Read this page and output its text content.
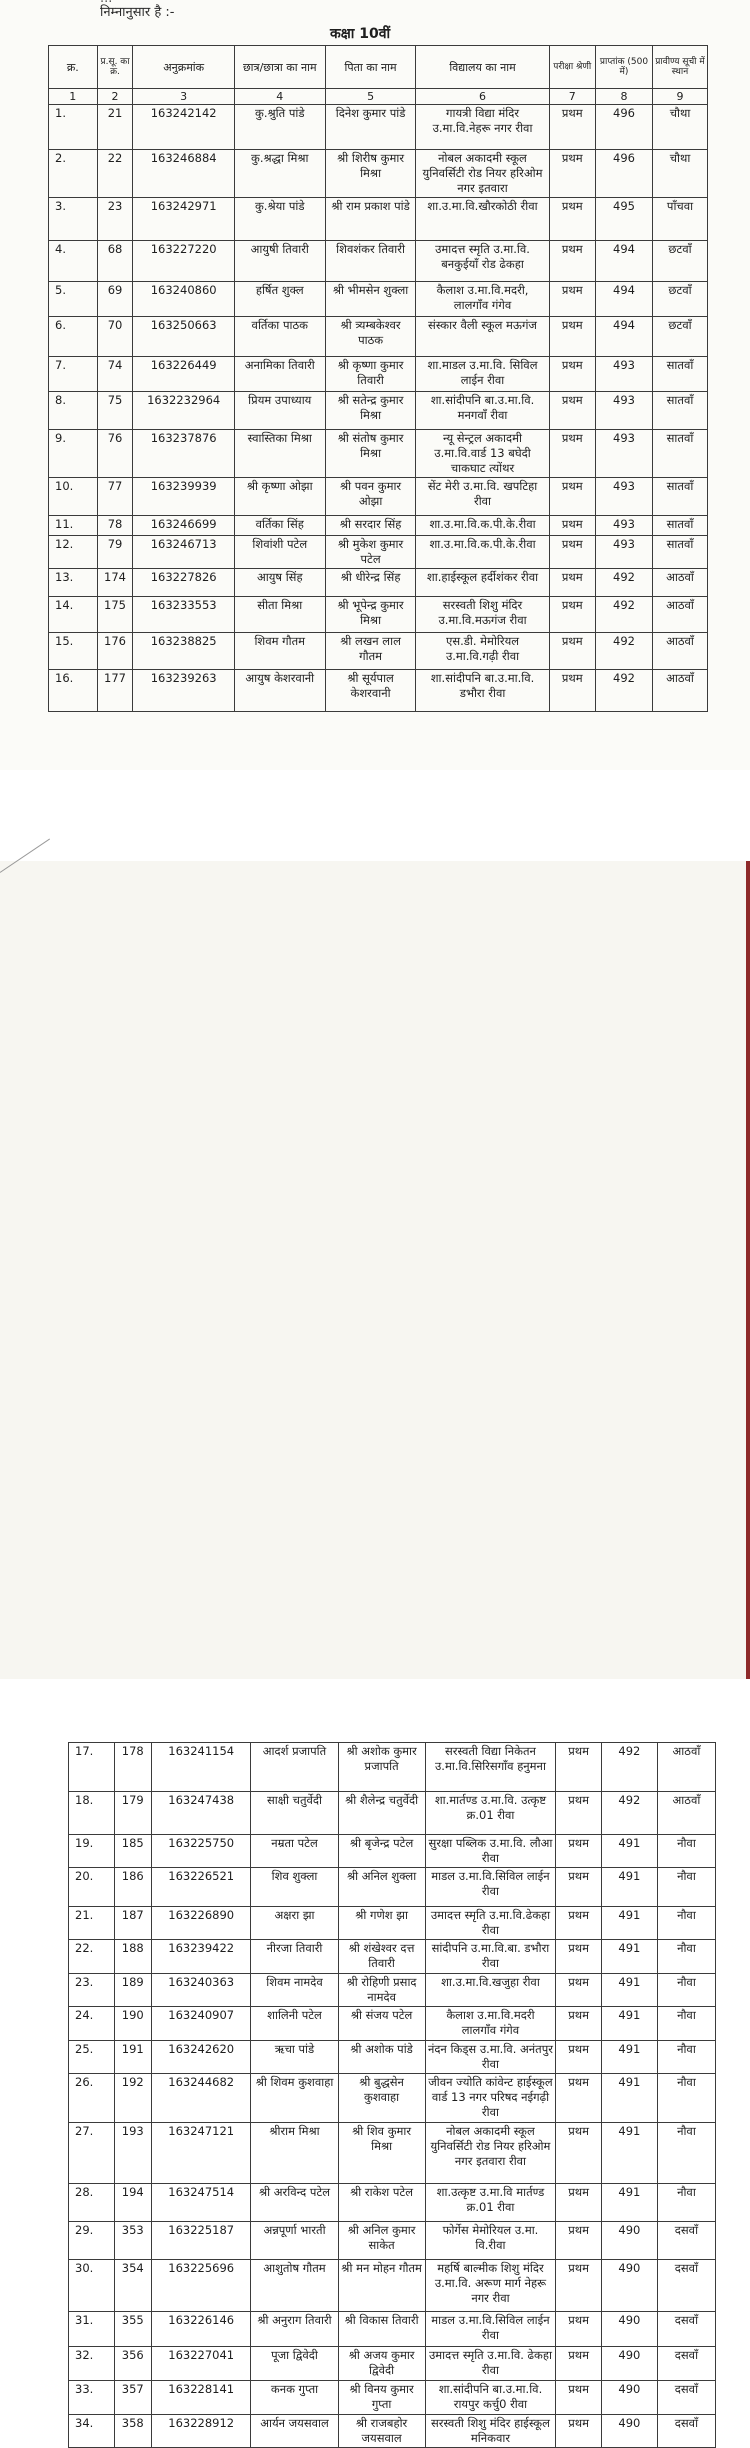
निम्नानुसार है :-
कक्षा 10वीं
क्र.	प्र.सू. का क्र.	अनुक्रमांक	छात्र/छात्रा का नाम	पिता का नाम	विद्यालय का नाम	परीक्षा श्रेणी	प्राप्तांक (500 में)	प्रावीण्य सूची में स्थान
1	2	3	4	5	6	7	8	9
1.	21	163242142	कु.श्रुति पांडे	दिनेश कुमार पांडे	गायत्री विद्या मंदिर उ.मा.वि.नेहरू नगर रीवा	प्रथम	496	चौथा
2.	22	163246884	कु.श्रद्धा मिश्रा	श्री शिरीष कुमार मिश्रा	नोबल अकादमी स्कूल युनिवर्सिटी रोड नियर हरिओम नगर इतवारा	प्रथम	496	चौथा
3.	23	163242971	कु.श्रेया पांडे	श्री राम प्रकाश पांडे	शा.उ.मा.वि.खौरकोठी रीवा	प्रथम	495	पाँचवा
4.	68	163227220	आयुषी तिवारी	शिवशंकर तिवारी	उमादत्त स्मृति उ.मा.वि. बनकुईयाँ रोड ढेकहा	प्रथम	494	छटवाँ
5.	69	163240860	हर्षित शुक्ल	श्री भीमसेन शुक्ला	कैलाश उ.मा.वि.मदरी, लालगाँव गंगेव	प्रथम	494	छटवाँ
6.	70	163250663	वर्तिका पाठक	श्री त्र्यम्बकेश्वर पाठक	संस्कार वैली स्कूल मऊगंज	प्रथम	494	छटवाँ
7.	74	163226449	अनामिका तिवारी	श्री कृष्णा कुमार तिवारी	शा.माडल उ.मा.वि. सिविल लाईन रीवा	प्रथम	493	सातवाँ
8.	75	1632232964	प्रियम उपाध्याय	श्री सतेन्द्र कुमार मिश्रा	शा.सांदीपनि बा.उ.मा.वि. मनगवाँ रीवा	प्रथम	493	सातवाँ
9.	76	163237876	स्वास्तिका मिश्रा	श्री संतोष कुमार मिश्रा	न्यू सेन्ट्रल अकादमी उ.मा.वि.वार्ड 13 बघेदी चाकघाट त्योंथर	प्रथम	493	सातवाँ
10.	77	163239939	श्री कृष्णा ओझा	श्री पवन कुमार ओझा	सेंट मेरी उ.मा.वि. खपटिहा रीवा	प्रथम	493	सातवाँ
11.	78	163246699	वर्तिका सिंह	श्री सरदार सिंह	शा.उ.मा.वि.क.पी.के.रीवा	प्रथम	493	सातवाँ
12.	79	163246713	शिवांशी पटेल	श्री मुकेश कुमार पटेल	शा.उ.मा.वि.क.पी.के.रीवा	प्रथम	493	सातवाँ
13.	174	163227826	आयुष सिंह	श्री धीरेन्द्र सिंह	शा.हाईस्कूल हर्दीशंकर रीवा	प्रथम	492	आठवाँ
14.	175	163233553	सीता मिश्रा	श्री भूपेन्द्र कुमार मिश्रा	सरस्वती शिशु मंदिर उ.मा.वि.मऊगंज रीवा	प्रथम	492	आठवाँ
15.	176	163238825	शिवम गौतम	श्री लखन लाल गौतम	एस.डी. मेमोरियल उ.मा.वि.गढ़ी रीवा	प्रथम	492	आठवाँ
16.	177	163239263	आयुष केशरवानी	श्री सूर्यपाल केशरवानी	शा.सांदीपनि बा.उ.मा.वि. डभौरा रीवा	प्रथम	492	आठवाँ
17.	178	163241154	आदर्श प्रजापति	श्री अशोक कुमार प्रजापति	सरस्वती विद्या निकेतन उ.मा.वि.सिरिसगाँव हनुमना	प्रथम	492	आठवाँ
18.	179	163247438	साक्षी चतुर्वेदी	श्री शैलेन्द्र चतुर्वेदी	शा.मार्तण्ड उ.मा.वि. उत्कृष्ट क्र.01 रीवा	प्रथम	492	आठवाँ
19.	185	163225750	नम्रता पटेल	श्री बृजेन्द्र पटेल	सुरक्षा पब्लिक उ.मा.वि. लौआ रीवा	प्रथम	491	नौवा
20.	186	163226521	शिव शुक्ला	श्री अनिल शुक्ला	माडल उ.मा.वि.सिविल लाईन रीवा	प्रथम	491	नौवा
21.	187	163226890	अक्षरा झा	श्री गणेश झा	उमादत्त स्मृति उ.मा.वि.ढेकहा रीवा	प्रथम	491	नौवा
22.	188	163239422	नीरजा तिवारी	श्री शंखेश्वर दत्त तिवारी	सांदीपनि उ.मा.वि.बा. डभौरा रीवा	प्रथम	491	नौवा
23.	189	163240363	शिवम नामदेव	श्री रोहिणी प्रसाद नामदेव	शा.उ.मा.वि.खजुहा रीवा	प्रथम	491	नौवा
24.	190	163240907	शालिनी पटेल	श्री संजय पटेल	कैलाश उ.मा.वि.मदरी लालगाँव गंगेव	प्रथम	491	नौवा
25.	191	163242620	ऋचा पांडे	श्री अशोक पांडे	नंदन किड्स उ.मा.वि. अनंतपुर रीवा	प्रथम	491	नौवा
26.	192	163244682	श्री शिवम कुशवाहा	श्री बुद्धसेन कुशवाहा	जीवन ज्योति कांवेन्ट हाईस्कूल वार्ड 13 नगर परिषद नईगढ़ी रीवा	प्रथम	491	नौवा
27.	193	163247121	श्रीराम मिश्रा	श्री शिव कुमार मिश्रा	नोबल अकादमी स्कूल युनिवर्सिटी रोड नियर हरिओम नगर इतवारा रीवा	प्रथम	491	नौवा
28.	194	163247514	श्री अरविन्द पटेल	श्री राकेश पटेल	शा.उत्कृष्ट उ.मा.वि मार्तण्ड क्र.01 रीवा	प्रथम	491	नौवा
29.	353	163225187	अन्नपूर्णा भारती	श्री अनिल कुमार साकेत	फोर्गेस मेमोरियल उ.मा. वि.रीवा	प्रथम	490	दसवाँ
30.	354	163225696	आशुतोष गौतम	श्री मन मोहन गौतम	महर्षि बाल्मीक शिशु मंदिर उ.मा.वि. अरूण मार्ग नेहरू नगर रीवा	प्रथम	490	दसवाँ
31.	355	163226146	श्री अनुराग तिवारी	श्री विकास तिवारी	माडल उ.मा.वि.सिविल लाईन रीवा	प्रथम	490	दसवाँ
32.	356	163227041	पूजा द्विवेदी	श्री अजय कुमार द्विवेदी	उमादत्त स्मृति उ.मा.वि. ढेकहा रीवा	प्रथम	490	दसवाँ
33.	357	163228141	कनक गुप्ता	श्री विनय कुमार गुप्ता	शा.सांदीपनि बा.उ.मा.वि. रायपुर कर्चु0 रीवा	प्रथम	490	दसवाँ
34.	358	163228912	आर्यन जयसवाल	श्री राजबहोर जयसवाल	सरस्वती शिशु मंदिर हाईस्कूल मनिकवार	प्रथम	490	दसवाँ
